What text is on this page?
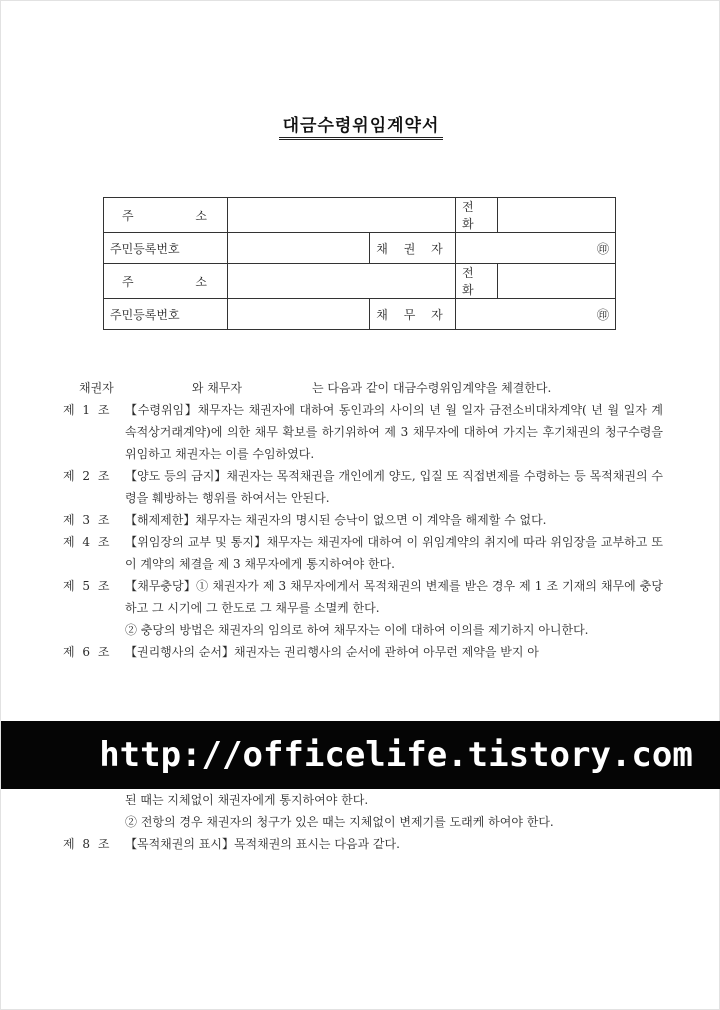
대금수령위임계약서
주 소			전 화	
주민등록번호		채 권 자	㊞	

주 소			전 화	
주민등록번호		채 무 자	㊞	
채권자	와 채무자	는 다음과 같이 대금수령위임계약을 체결한다.
제 1 조	【수령위임】채무자는 채권자에 대하여 동인과의 사이의 년 월 일자 금전소비대차계약( 년 월 일자 계속적상거래계약)에 의한 채무 확보를 하기위하여 제 3 채무자에 대하여 가지는 후기채권의 청구수령을 위임하고 채권자는 이를 수임하였다.
제 2 조	【양도 등의 금지】채권자는 목적채권을 개인에게 양도, 입질 또 직접변제를 수령하는 등 목적채권의 수령을 훼방하는 행위를 하여서는 안된다.
제 3 조	【해제제한】채무자는 채권자의 명시된 승낙이 없으면 이 계약을 해제할 수 없다.
제 4 조	【위임장의 교부 및 통지】채무자는 채권자에 대하여 이 위임계약의 취지에 따라 위임장을 교부하고 또 이 계약의 체결을 제 3 채무자에게 통지하여야 한다.
제 5 조	【채무충당】① 채권자가 제 3 채무자에게서 목적채권의 변제를 받은 경우 제 1 조 기재의 채무에 충당하고 그 시기에 그 한도로 그 채무를 소멸케 한다.
② 충당의 방법은 채권자의 임의로 하여 채무자는 이에 대하여 이의를 제기하지 아니한다.
제 6 조	【권리행사의 순서】채권자는 권리행사의 순서에 관하여 아무런 제약을 받지 아
된 때는 지체없이 채권자에게 통지하여야 한다.
② 전항의 경우 채권자의 청구가 있은 때는 지체없이 변제기를 도래케 하여야 한다.
제 8 조	【목적채권의 표시】목적채권의 표시는 다음과 같다.
http://officelife.tistory.com
